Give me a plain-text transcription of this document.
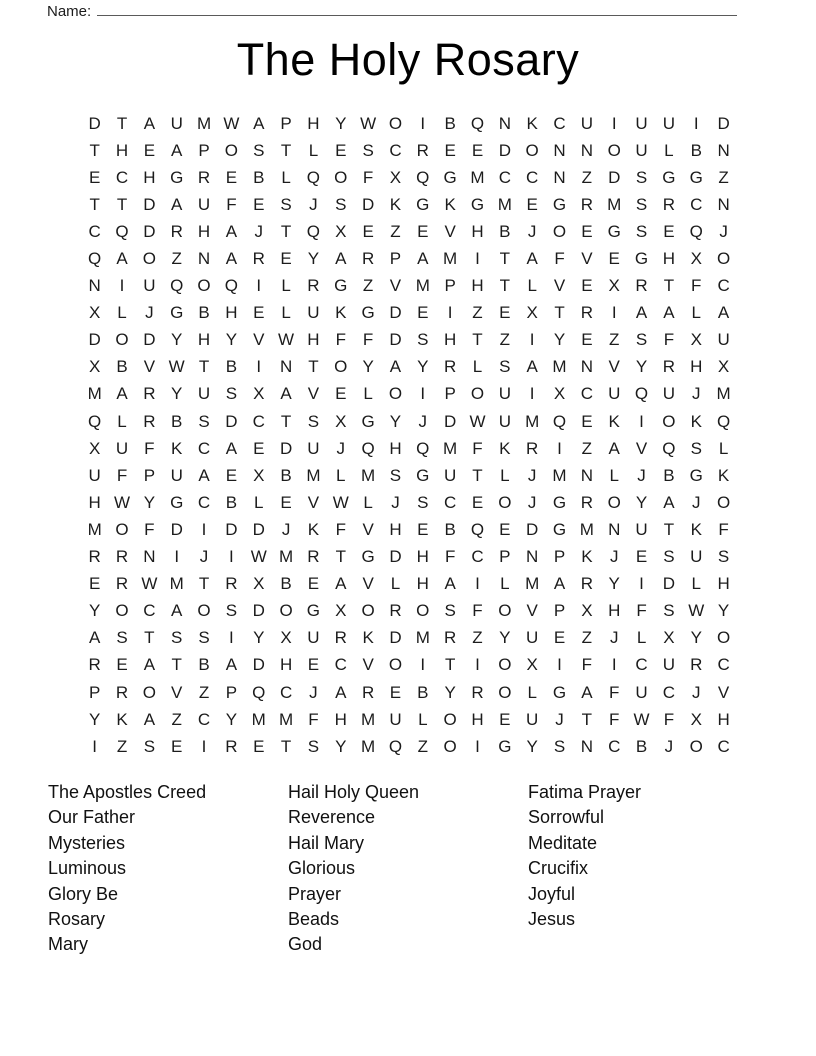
Name:
The Holy Rosary
D T A U M W A P H Y W O	I	B Q N K C U	I	U U	I	D
T H E A P O S T	L E S C R E E D O N N O U L B N
E C H G R E B L Q O F X Q G M C C N Z D S G G Z
T T D A U F E S	J	S D K G K G M E G R M S R C N
C Q D R H A	J	T Q X E Z E V H B	J O E G S E Q J
Q A O Z N A R E Y A R P A M	I	T A F V E G H X O
N	I	U Q O Q	I	L R G Z V M P H T	L V E X R T F C
X L	J G B H E L U K G D E	I	Z E X T R	I	A A L A
D O D Y H Y V W H F F D S H T Z	I	Y E Z S F X U
X B V W T B	I	N T O Y A Y R L S A M N V Y R H X
M A R Y U S X A V E L O	I	P O U	I	X C U Q U J M
Q L R B S D C T S X G Y	J D W U M Q E K	I	O K Q
X U F K C A E D U J Q H Q M F K R	I	Z A V Q S L
U F P U A E X B M L M S G U T	L	J M N L	J	B G K
H W Y G C B L E V W L	J	S C E O J G R O Y A	J O
M O F D	I	D D J	K F V H E B Q E D G M N U T K F
R R N	I	J	I W M R T G D H F C P N P K	J	E S U S
E R W M T R X B E A V L H A	I	L M A R Y	I	D L H
Y O C A O S D O G X O R O S F O V P X H F S W Y
A S T S S	I	Y X U R K D M R Z Y U E Z	J	L X Y O
R E A T B A D H E C V O	I	T	I	O X	I	F	I	C U R C
P R O V Z P Q C J	A R E B Y R O L G A F U C J	V
Y K A Z C Y M M F H M U L O H E U J	T F W F X H
I	Z S E	I	R E T S Y M Q Z O	I	G Y S N C B	J O C
The Apostles Creed
Our Father
Mysteries
Luminous
Glory Be
Rosary
Mary
Hail Holy Queen
Reverence
Hail Mary
Glorious
Prayer
Beads
God
Fatima Prayer
Sorrowful
Meditate
Crucifix
Joyful
Jesus
